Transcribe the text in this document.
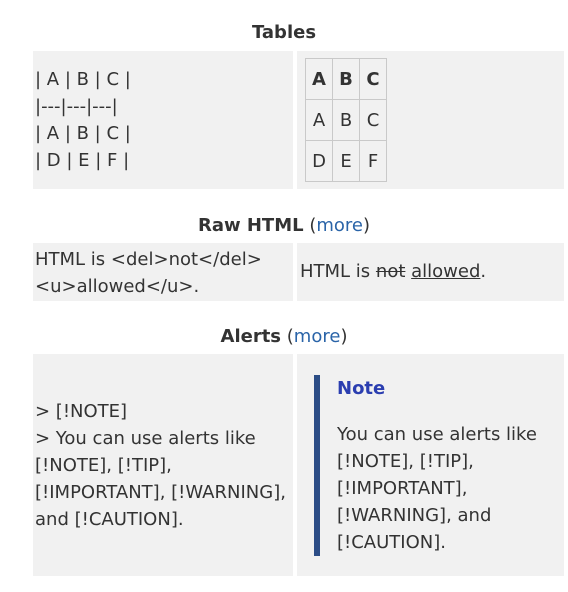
Tables
| A | B | C |
|---|---|---|
| A | B | C |
| D | E | F |
A	B	C
A	B	C
D	E	F
Raw HTML (more)
HTML is <del>not</del>
<u>allowed</u>.
HTML is not allowed.
Alerts (more)
> [!NOTE]
> You can use alerts like
[!NOTE], [!TIP],
[!IMPORTANT], [!WARNING],
and [!CAUTION].
Note
You can use alerts like
[!NOTE], [!TIP],
[!IMPORTANT],
[!WARNING], and
[!CAUTION].
